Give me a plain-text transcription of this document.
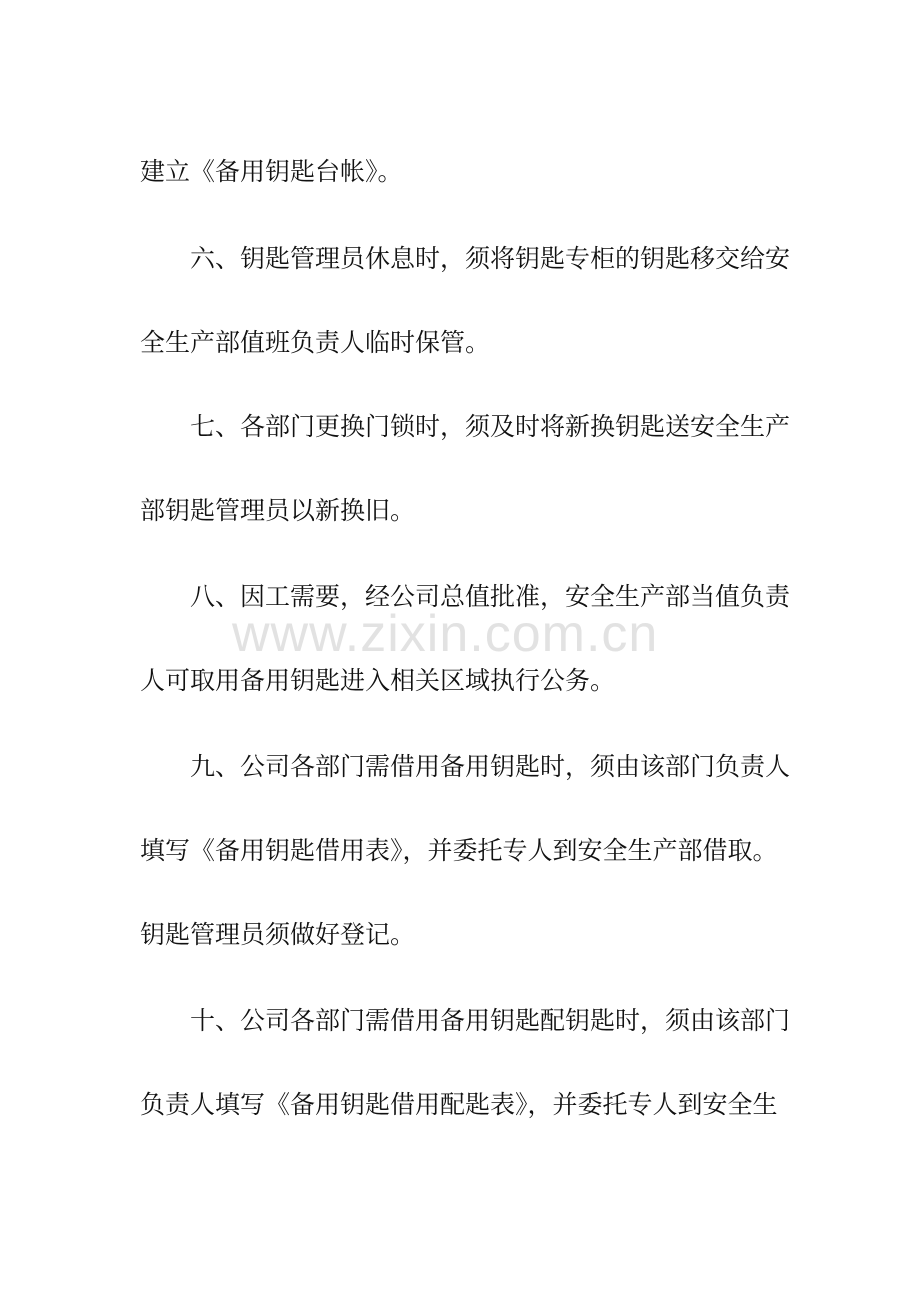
建立《备用钥匙台帐》。

六、钥匙管理员休息时，须将钥匙专柜的钥匙移交给安

全生产部值班负责人临时保管。

七、各部门更换门锁时，须及时将新换钥匙送安全生产

部钥匙管理员以新换旧。

八、因工需要，经公司总值批准，安全生产部当值负责

人可取用备用钥匙进入相关区域执行公务。

九、公司各部门需借用备用钥匙时，须由该部门负责人

填写《备用钥匙借用表》，并委托专人到安全生产部借取。

钥匙管理员须做好登记。

十、公司各部门需借用备用钥匙配钥匙时，须由该部门

负责人填写《备用钥匙借用配匙表》，并委托专人到安全生

www.zixin.com.cn
